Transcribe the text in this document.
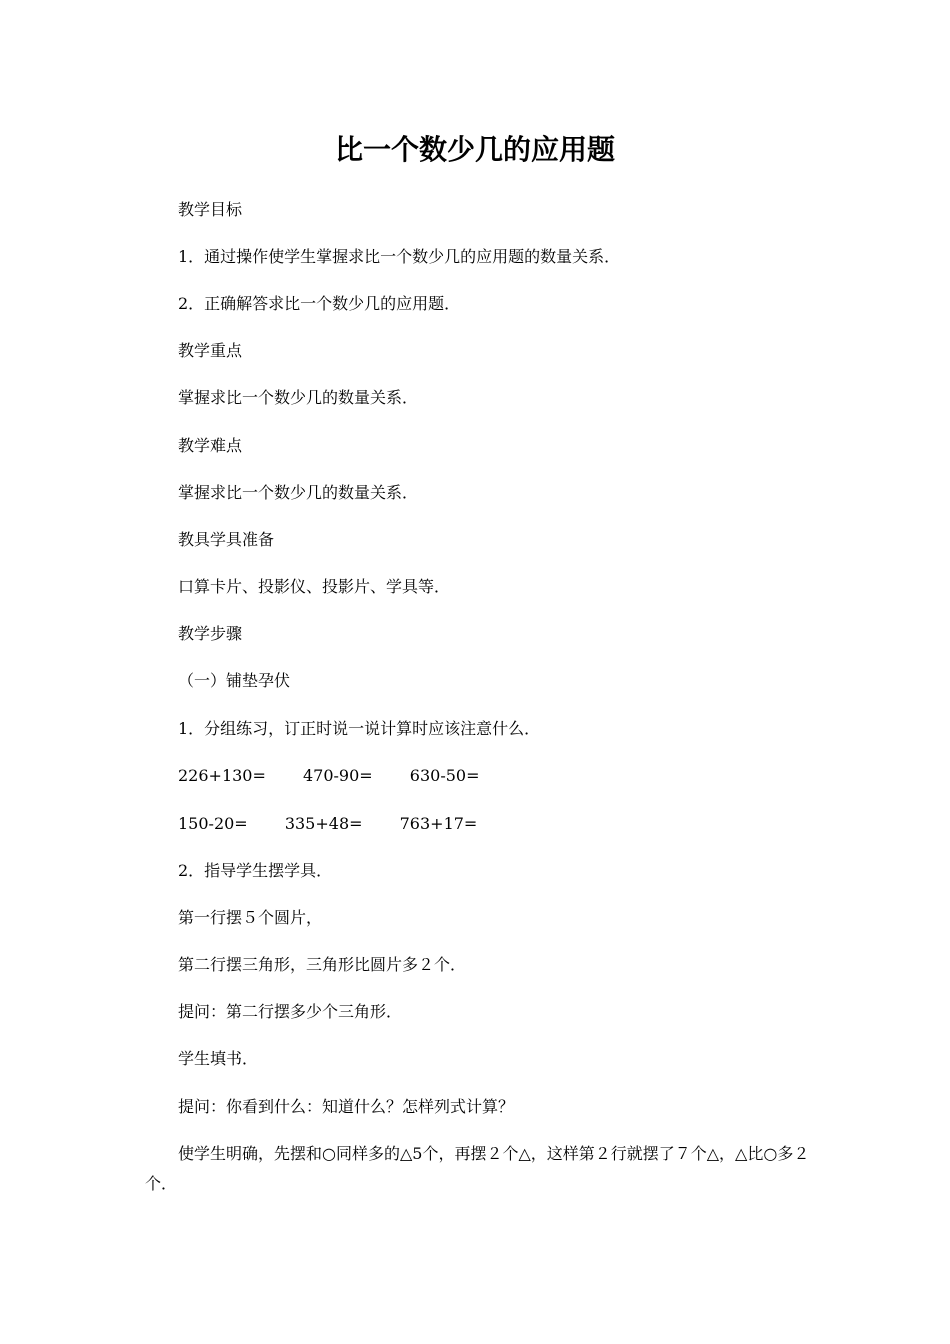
比一个数少几的应用题

教学目标

1．通过操作使学生掌握求比一个数少几的应用题的数量关系．

2．正确解答求比一个数少几的应用题．

教学重点

掌握求比一个数少几的数量关系．

教学难点

掌握求比一个数少几的数量关系．

教具学具准备

口算卡片、投影仪、投影片、学具等．

教学步骤

（一）铺垫孕伏

1．分组练习，订正时说一说计算时应该注意什么．

226+130= 470-90= 630-50=

150-20= 335+48= 763+17=

2．指导学生摆学具．

第一行摆５个圆片，

第二行摆三角形，三角形比圆片多２个．

提问：第二行摆多少个三角形．

学生填书．

提问：你看到什么：知道什么？怎样列式计算？

使学生明确，先摆和○同样多的△5个，再摆２个△，这样第２行就摆了７个△，△比○多２个．
